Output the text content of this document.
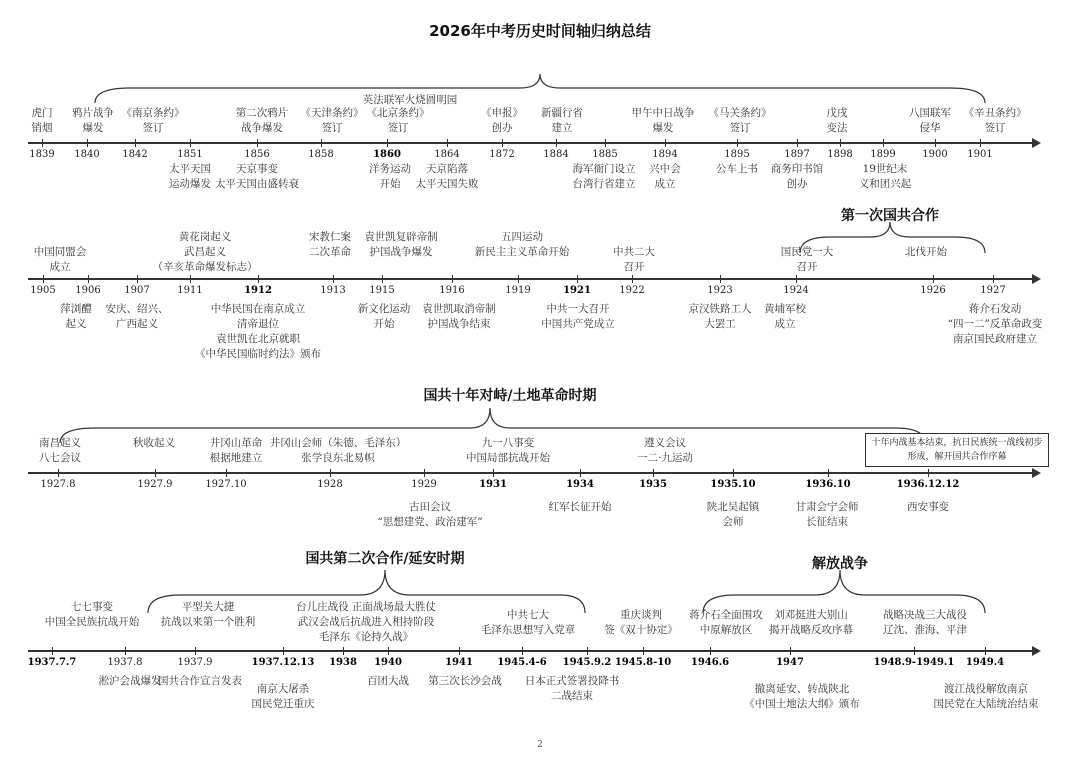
2026年中考历史时间轴归纳总结
2
英法联军火烧圆明园
第一次国共合作
国共十年对峙/土地革命时期
国共第二次合作/延安时期	解放战争
十年内战基本结束，抗日民族统一战线初步形成，解开国共合作序幕
1839 1840 1842	1851	1856	1858	1860	1864	1872	1884 1885	1894	1895	1897 1898 1899	1900 1901
虎门
销烟
鸦片战争
爆发
《南京条约》
签订
第二次鸦片
战争爆发
《天津条约》
签订
《北京条约》
签订
《申报》
创办
新疆行省
建立
甲午中日战争
爆发
《马关条约》
签订
戊戌
变法
八国联军
侵华
《辛丑条约》
签订
太平天国
运动爆发
天京事变
太平天国由盛转衰
洋务运动
开始
天京陷落
太平天国失败
海军衙门设立
台湾行省建立
兴中会
成立
公车上书 商务印书馆
创办
19世纪末
义和团兴起
1905 1906 1907	1911	1912	1913 1915	1916	1919	1921	1922	1923	1924	1926	1927
中国同盟会
成立
黄花岗起义
武昌起义
（辛亥革命爆发标志）
宋教仁案
二次革命
袁世凯复辟帝制
护国战争爆发
五四运动
新民主主义革命开始	中共二大
召开
国民党一大
召开
北伐开始
萍浏醴
起义
安庆、绍兴、
广西起义
中华民国在南京成立
清帝退位
袁世凯在北京就职
《中华民国临时约法》颁布
新文化运动
开始
袁世凯取消帝制
护国战争结束
中共一大召开
中国共产党成立
京汉铁路工人
大罢工
黄埔军校
成立
蒋介石发动
“四一二”反革命政变
南京国民政府建立
1927.8	1927.9	1927.10	1928	1929	1931	1934	1935	1935.10	1936.10	1936.12.12
南昌起义
八七会议
秋收起义	井冈山革命
根据地建立
井冈山会师（朱德、毛泽东）
张学良东北易帜
九一八事变
中国局部抗战开始
遵义会议
一二·九运动
古田会议
“思想建党、政治建军”
红军长征开始	陕北吴起镇
会师
甘肃会宁会师
长征结束
西安事变
1937.7.7	1937.8	1937.9	1937.12.13 1938 1940	1941 1945.4-6 1945.9.2 1945.8-10 1946.6	1947	1948.9-1949.1 1949.4
七七事变
中国全民族抗战开始
平型关大捷
抗战以来第一个胜利
台儿庄战役 正面战场最大胜仗
武汉会战后抗战进入相持阶段
毛泽东《论持久战》
中共七大
毛泽东思想写入党章
重庆谈判
签《双十协定》
蒋介石全面围攻
中原解放区
刘邓挺进大别山
揭开战略反攻序幕
战略决战三大战役
辽沈、淮海、平津
淞沪会战爆发
国共合作宣言发表
南京大屠杀
国民党迁重庆
百团大战 第三次长沙会战 日本正式签署投降书
二战结束
撤离延安、转战陕北
《中国土地法大纲》颁布
渡江战役解放南京
国民党在大陆统治结束
